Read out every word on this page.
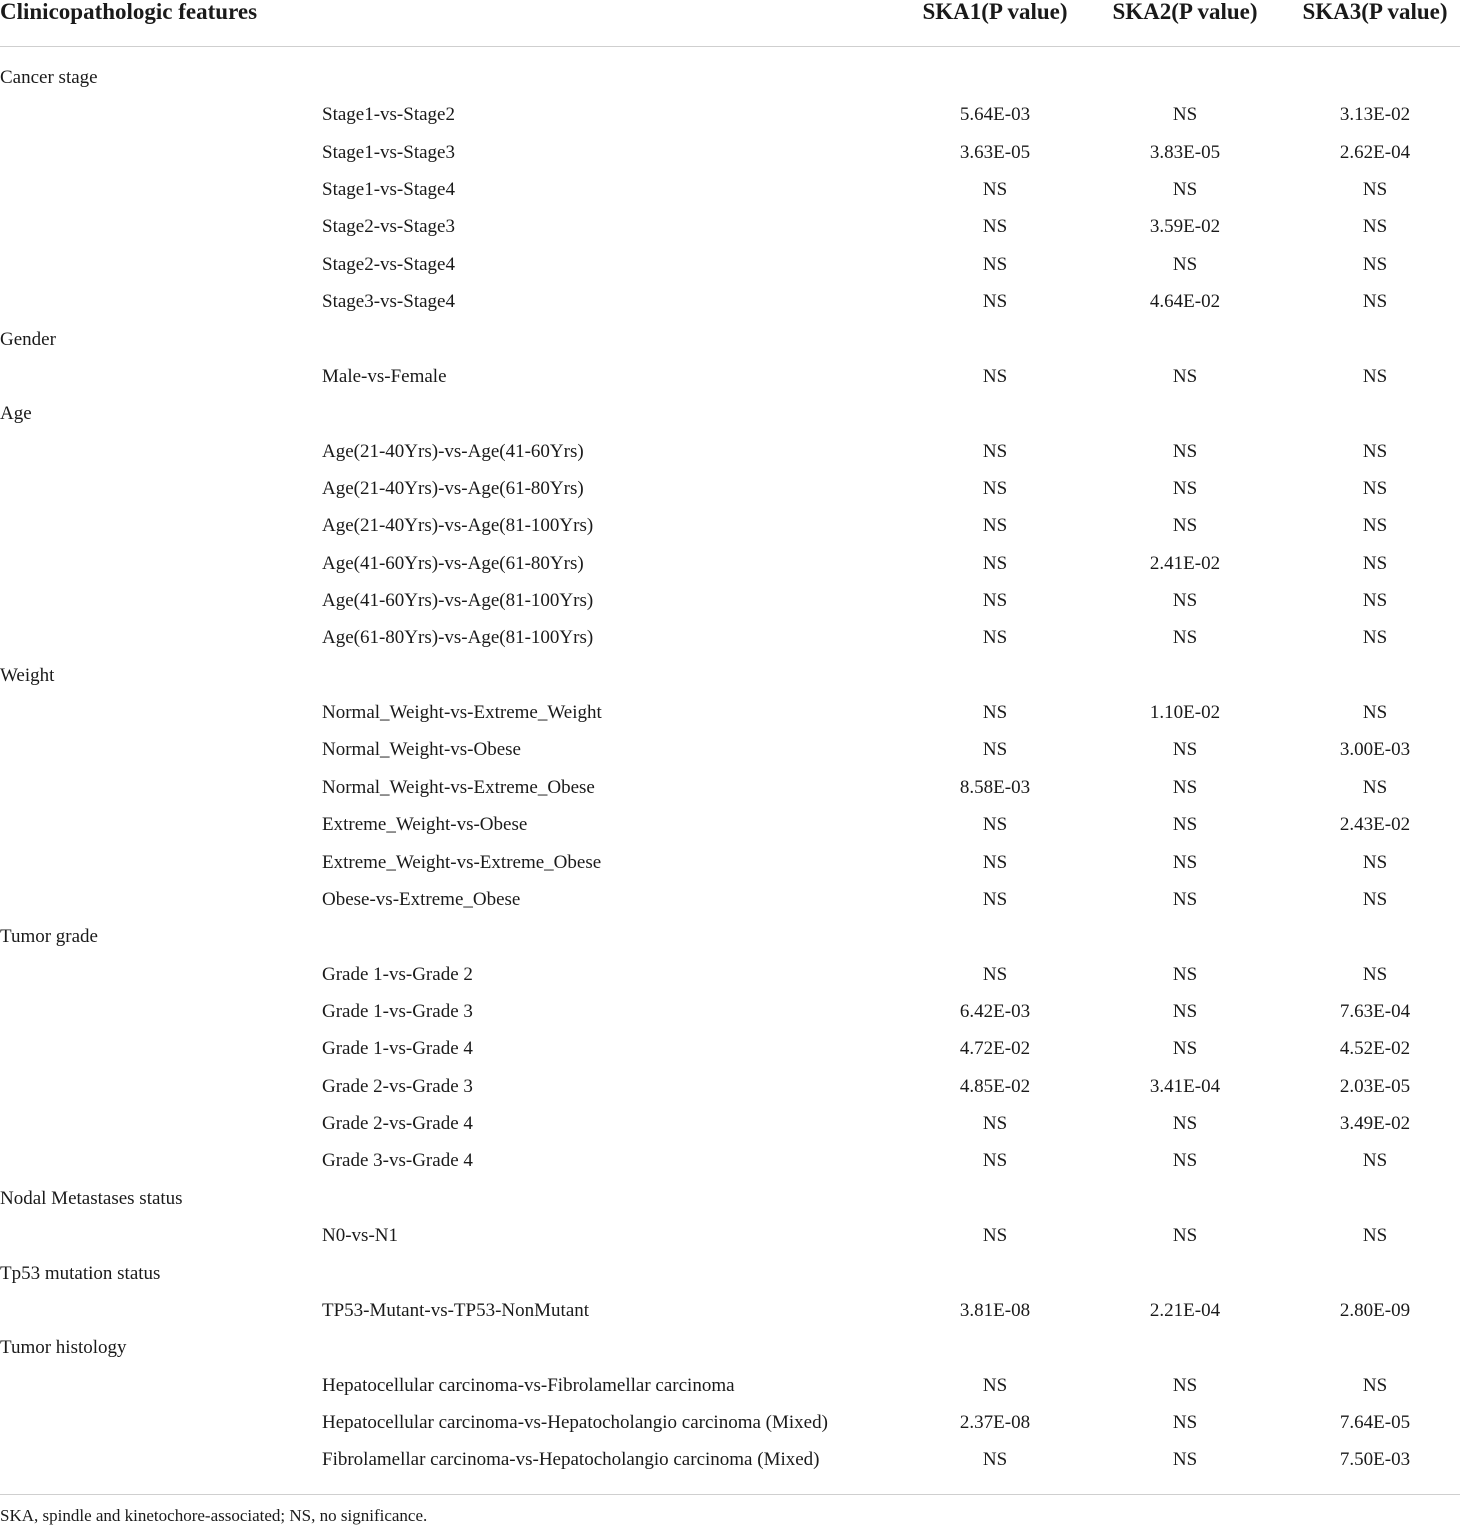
Clinicopathologic features	SKA1(P value)	SKA2(P value)	SKA3(P value)
Cancer stage
Stage1-vs-Stage2	5.64E-03	NS	3.13E-02
Stage1-vs-Stage3	3.63E-05	3.83E-05	2.62E-04
Stage1-vs-Stage4	NS	NS	NS
Stage2-vs-Stage3	NS	3.59E-02	NS
Stage2-vs-Stage4	NS	NS	NS
Stage3-vs-Stage4	NS	4.64E-02	NS
Gender
Male-vs-Female	NS	NS	NS
Age
Age(21-40Yrs)-vs-Age(41-60Yrs)	NS	NS	NS
Age(21-40Yrs)-vs-Age(61-80Yrs)	NS	NS	NS
Age(21-40Yrs)-vs-Age(81-100Yrs)	NS	NS	NS
Age(41-60Yrs)-vs-Age(61-80Yrs)	NS	2.41E-02	NS
Age(41-60Yrs)-vs-Age(81-100Yrs)	NS	NS	NS
Age(61-80Yrs)-vs-Age(81-100Yrs)	NS	NS	NS
Weight
Normal_Weight-vs-Extreme_Weight	NS	1.10E-02	NS
Normal_Weight-vs-Obese	NS	NS	3.00E-03
Normal_Weight-vs-Extreme_Obese	8.58E-03	NS	NS
Extreme_Weight-vs-Obese	NS	NS	2.43E-02
Extreme_Weight-vs-Extreme_Obese	NS	NS	NS
Obese-vs-Extreme_Obese	NS	NS	NS
Tumor grade
Grade 1-vs-Grade 2	NS	NS	NS
Grade 1-vs-Grade 3	6.42E-03	NS	7.63E-04
Grade 1-vs-Grade 4	4.72E-02	NS	4.52E-02
Grade 2-vs-Grade 3	4.85E-02	3.41E-04	2.03E-05
Grade 2-vs-Grade 4	NS	NS	3.49E-02
Grade 3-vs-Grade 4	NS	NS	NS
Nodal Metastases status
N0-vs-N1	NS	NS	NS
Tp53 mutation status
TP53-Mutant-vs-TP53-NonMutant	3.81E-08	2.21E-04	2.80E-09
Tumor histology
Hepatocellular carcinoma-vs-Fibrolamellar carcinoma	NS	NS	NS
Hepatocellular carcinoma-vs-Hepatocholangio carcinoma (Mixed)	2.37E-08	NS	7.64E-05
Fibrolamellar carcinoma-vs-Hepatocholangio carcinoma (Mixed)	NS	NS	7.50E-03
SKA, spindle and kinetochore-associated; NS, no significance.
